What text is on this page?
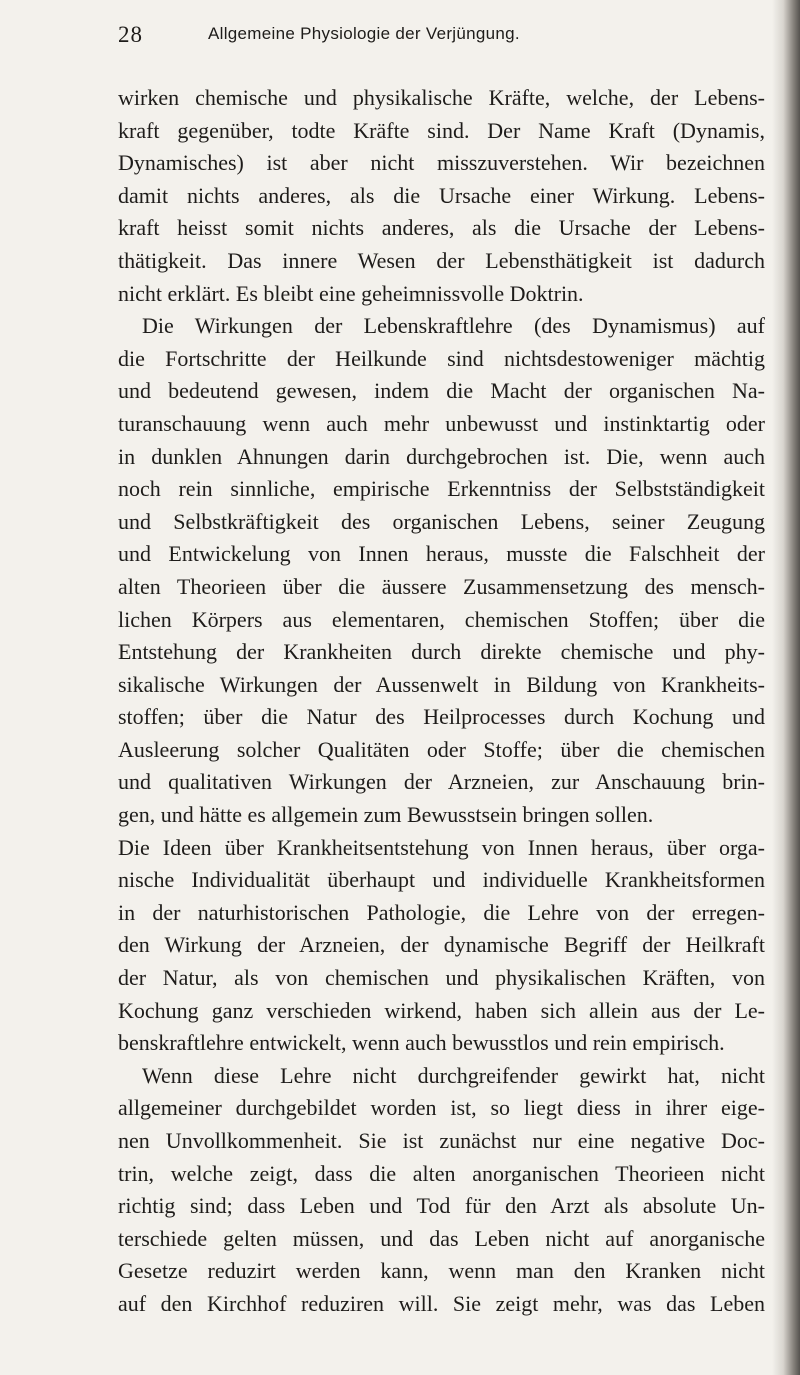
28	Allgemeine Physiologie der Verjüngung.
wirken chemische und physikalische Kräfte, welche, der Lebens-
kraft gegenüber, todte Kräfte sind. Der Name Kraft (Dynamis,
Dynamisches) ist aber nicht misszuverstehen. Wir bezeichnen
damit nichts anderes, als die Ursache einer Wirkung. Lebens-
kraft heisst somit nichts anderes, als die Ursache der Lebens-
thätigkeit. Das innere Wesen der Lebensthätigkeit ist dadurch
nicht erklärt. Es bleibt eine geheimnissvolle Doktrin.
Die Wirkungen der Lebenskraftlehre (des Dynamismus) auf
die Fortschritte der Heilkunde sind nichtsdestoweniger mächtig
und bedeutend gewesen, indem die Macht der organischen Na-
turanschauung wenn auch mehr unbewusst und instinktartig oder
in dunklen Ahnungen darin durchgebrochen ist. Die, wenn auch
noch rein sinnliche, empirische Erkenntniss der Selbstständigkeit
und Selbstkräftigkeit des organischen Lebens, seiner Zeugung
und Entwickelung von Innen heraus, musste die Falschheit der
alten Theorieen über die äussere Zusammensetzung des mensch-
lichen Körpers aus elementaren, chemischen Stoffen; über die
Entstehung der Krankheiten durch direkte chemische und phy-
sikalische Wirkungen der Aussenwelt in Bildung von Krankheits-
stoffen; über die Natur des Heilprocesses durch Kochung und
Ausleerung solcher Qualitäten oder Stoffe; über die chemischen
und qualitativen Wirkungen der Arzneien, zur Anschauung brin-
gen, und hätte es allgemein zum Bewusstsein bringen sollen.
Die Ideen über Krankheitsentstehung von Innen heraus, über orga-
nische Individualität überhaupt und individuelle Krankheitsformen
in der naturhistorischen Pathologie, die Lehre von der erregen-
den Wirkung der Arzneien, der dynamische Begriff der Heilkraft
der Natur, als von chemischen und physikalischen Kräften, von
Kochung ganz verschieden wirkend, haben sich allein aus der Le-
benskraftlehre entwickelt, wenn auch bewusstlos und rein empirisch.
Wenn diese Lehre nicht durchgreifender gewirkt hat, nicht
allgemeiner durchgebildet worden ist, so liegt diess in ihrer eige-
nen Unvollkommenheit. Sie ist zunächst nur eine negative Doc-
trin, welche zeigt, dass die alten anorganischen Theorieen nicht
richtig sind; dass Leben und Tod für den Arzt als absolute Un-
terschiede gelten müssen, und das Leben nicht auf anorganische
Gesetze reduzirt werden kann, wenn man den Kranken nicht
auf den Kirchhof reduziren will. Sie zeigt mehr, was das Leben
